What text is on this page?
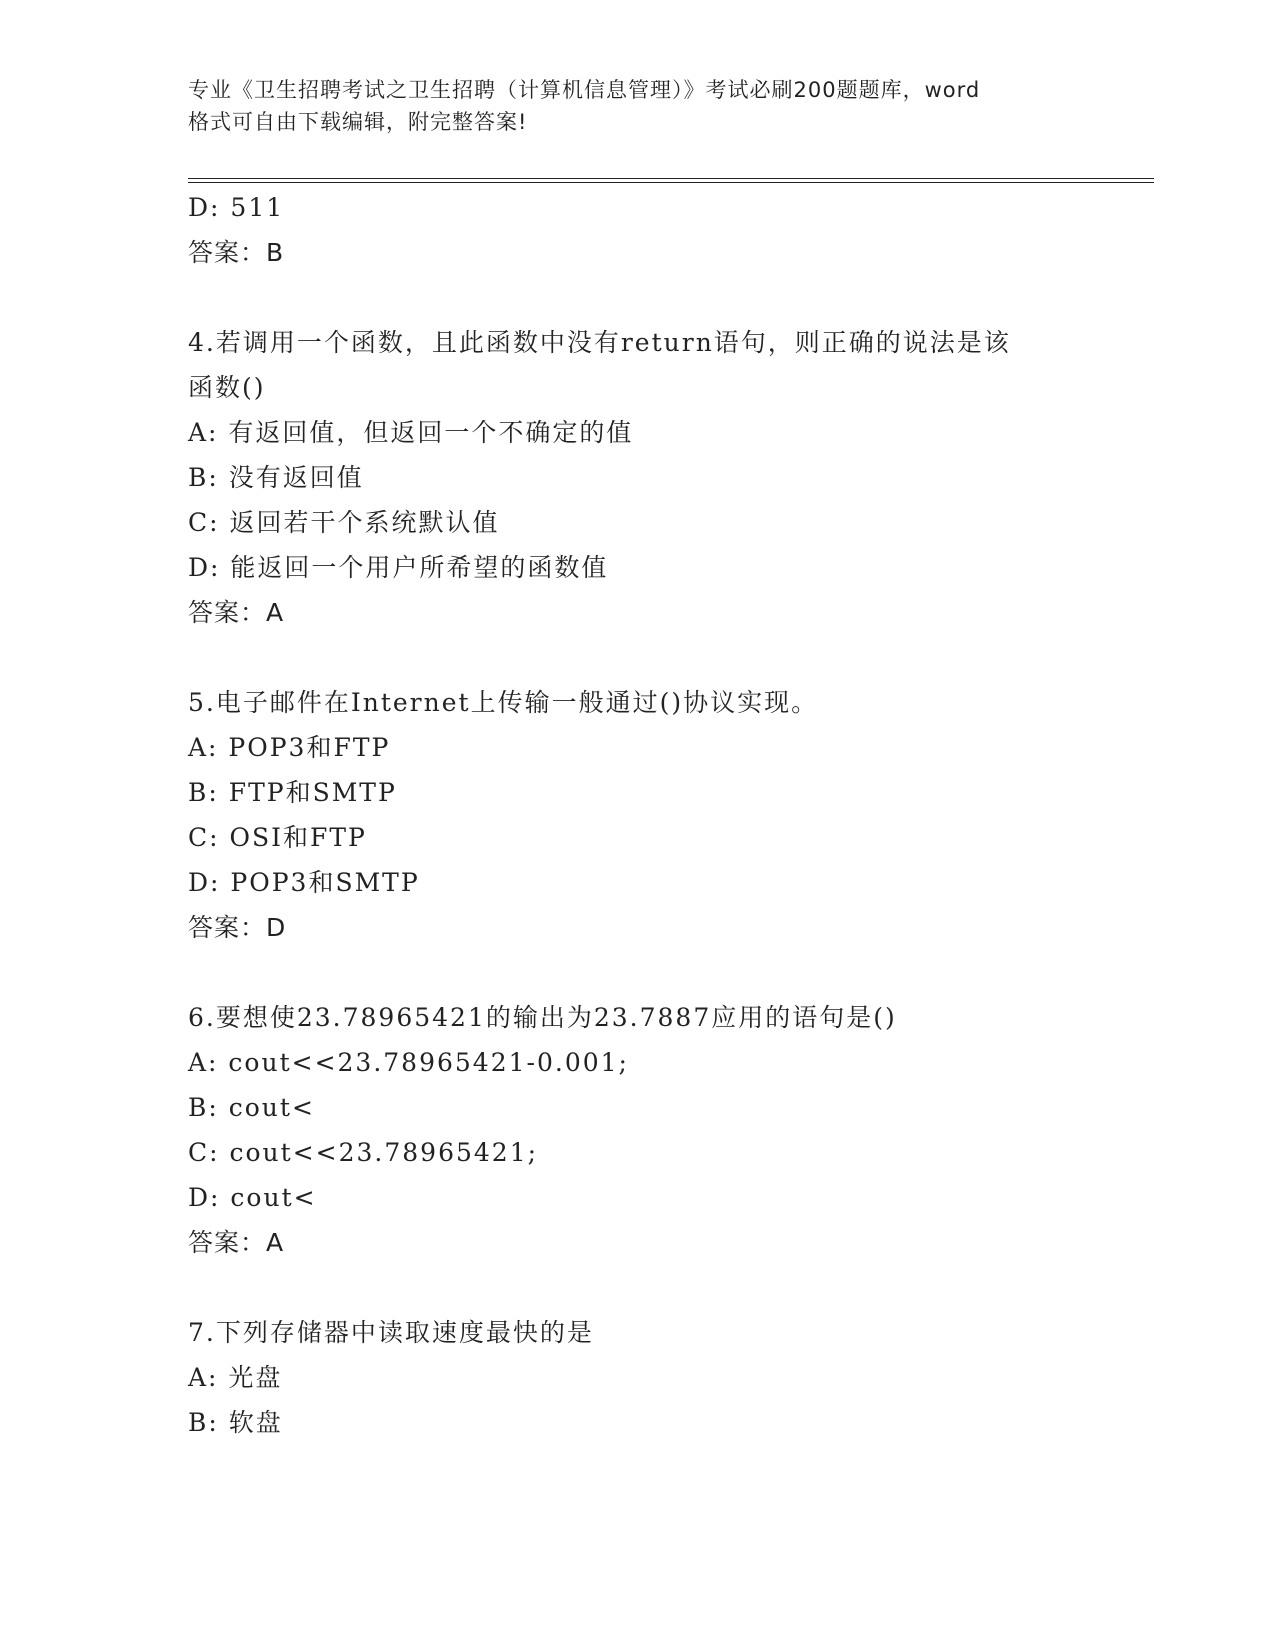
专业《卫生招聘考试之卫生招聘（计算机信息管理）》考试必刷200题题库，word
格式可自由下载编辑，附完整答案!
D: 511
答案：B
4.若调用一个函数，且此函数中没有return语句，则正确的说法是该
函数()
A: 有返回值，但返回一个不确定的值
B: 没有返回值
C: 返回若干个系统默认值
D: 能返回一个用户所希望的函数值
答案：A
5.电子邮件在Internet上传输一般通过()协议实现。
A: POP3和FTP
B: FTP和SMTP
C: OSI和FTP
D: POP3和SMTP
答案：D
6.要想使23.78965421的输出为23.7887应用的语句是()
A: cout<<23.78965421-0.001;
B: cout<
C: cout<<23.78965421;
D: cout<
答案：A
7.下列存储器中读取速度最快的是
A: 光盘
B: 软盘
